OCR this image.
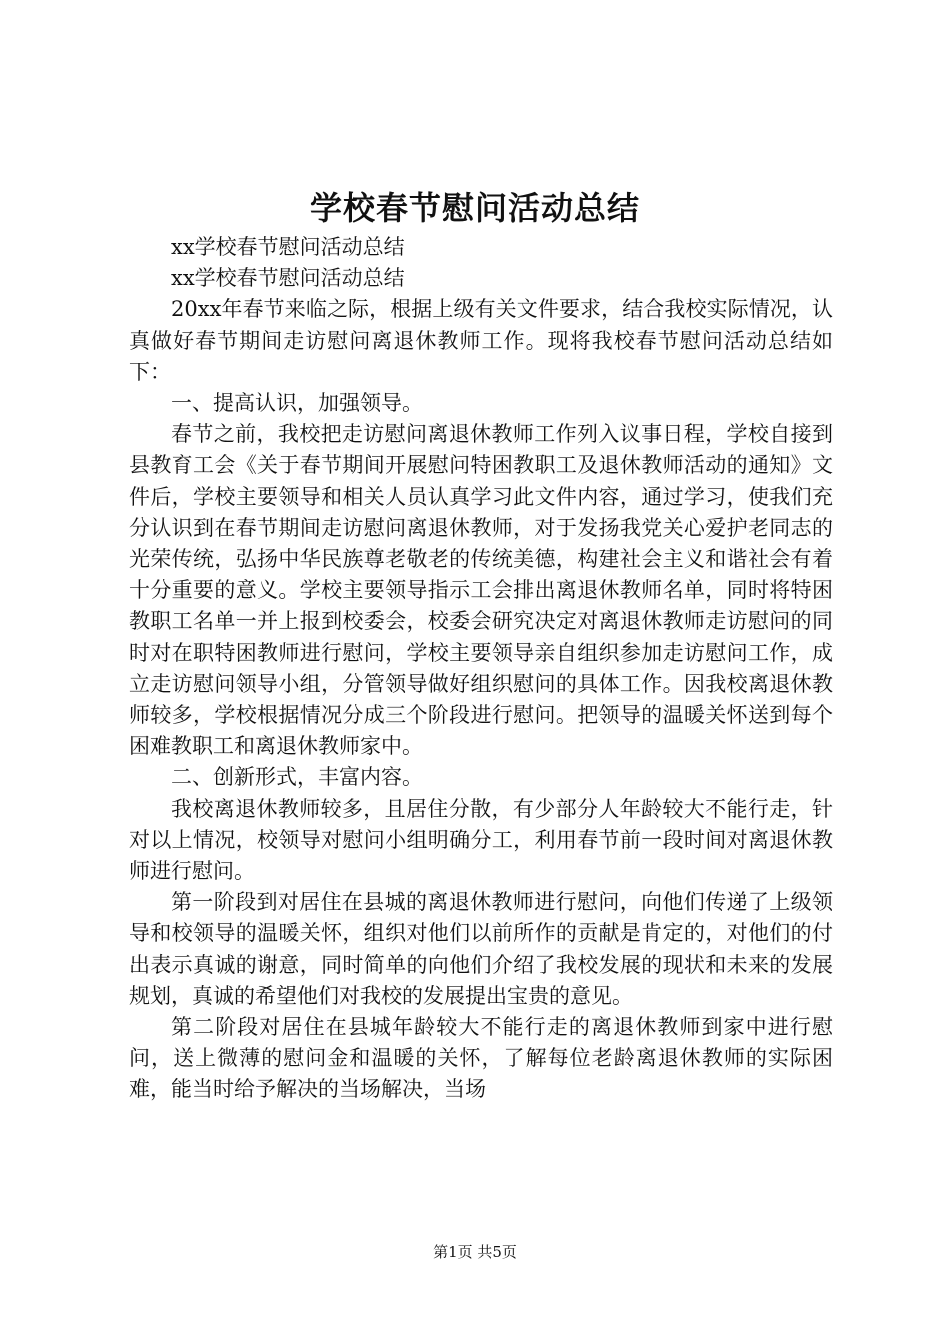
学校春节慰问活动总结

xx学校春节慰问活动总结

xx学校春节慰问活动总结

20xx年春节来临之际，根据上级有关文件要求，结合我校实际情况，认真做好春节期间走访慰问离退休教师工作。现将我校春节慰问活动总结如下：

一、提高认识，加强领导。

春节之前，我校把走访慰问离退休教师工作列入议事日程，学校自接到县教育工会《关于春节期间开展慰问特困教职工及退休教师活动的通知》文件后，学校主要领导和相关人员认真学习此文件内容，通过学习，使我们充分认识到在春节期间走访慰问离退休教师，对于发扬我党关心爱护老同志的光荣传统，弘扬中华民族尊老敬老的传统美德，构建社会主义和谐社会有着十分重要的意义。学校主要领导指示工会排出离退休教师名单，同时将特困教职工名单一并上报到校委会，校委会研究决定对离退休教师走访慰问的同时对在职特困教师进行慰问，学校主要领导亲自组织参加走访慰问工作，成立走访慰问领导小组，分管领导做好组织慰问的具体工作。因我校离退休教师较多，学校根据情况分成三个阶段进行慰问。把领导的温暖关怀送到每个困难教职工和离退休教师家中。

二、创新形式，丰富内容。

我校离退休教师较多，且居住分散，有少部分人年龄较大不能行走，针对以上情况，校领导对慰问小组明确分工，利用春节前一段时间对离退休教师进行慰问。

第一阶段到对居住在县城的离退休教师进行慰问，向他们传递了上级领导和校领导的温暖关怀，组织对他们以前所作的贡献是肯定的，对他们的付出表示真诚的谢意，同时简单的向他们介绍了我校发展的现状和未来的发展规划，真诚的希望他们对我校的发展提出宝贵的意见。

第二阶段对居住在县城年龄较大不能行走的离退休教师到家中进行慰问，送上微薄的慰问金和温暖的关怀，了解每位老龄离退休教师的实际困难，能当时给予解决的当场解决，当场

第1页 共5页
